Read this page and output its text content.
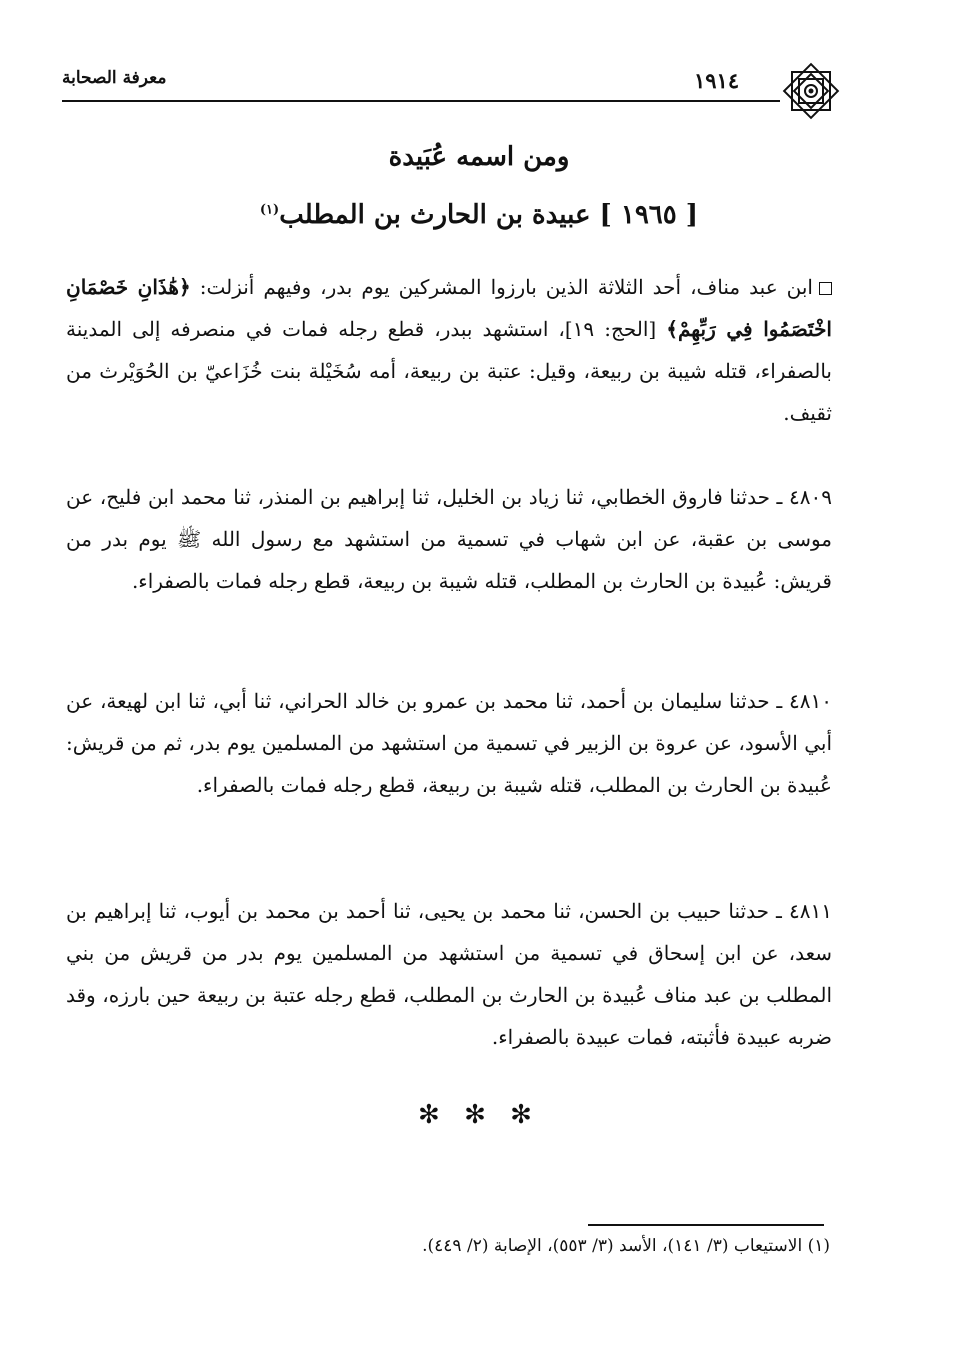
معرفة الصحابة	١٩١٤
ومن اسمه عُبَيدة
[ ١٩٦٥ ] عبيدة بن الحارث بن المطلب$^{(١)}$
ابن عبد مناف، أحد الثلاثة الذين بارزوا المشركين يوم بدر، وفيهم أنزلت: ﴿هَٰذَانِ خَصْمَانِ اخْتَصَمُوا فِي رَبِّهِمْ﴾ [الحج: ١٩]، استشهد ببدر، قطع رجله فمات في منصرفه إلى المدينة بالصفراء، قتله شيبة بن ربيعة، وقيل: عتبة بن ربيعة، أمه سُخَيْلة بنت خُزَاعيّ بن الحُوَيْرث من ثقيف.
٤٨٠٩ ـ حدثنا فاروق الخطابي، ثنا زياد بن الخليل، ثنا إبراهيم بن المنذر، ثنا محمد ابن فليح، عن موسى بن عقبة، عن ابن شهاب في تسمية من استشهد مع رسول الله ﷺ يوم بدر من قريش: عُبيدة بن الحارث بن المطلب، قتله شيبة بن ربيعة، قطع رجله فمات بالصفراء.
٤٨١٠ ـ حدثنا سليمان بن أحمد، ثنا محمد بن عمرو بن خالد الحراني، ثنا أبي، ثنا ابن لهيعة، عن أبي الأسود، عن عروة بن الزبير في تسمية من استشهد من المسلمين يوم بدر، ثم من قريش: عُبيدة بن الحارث بن المطلب، قتله شيبة بن ربيعة، قطع رجله فمات بالصفراء.
٤٨١١ ـ حدثنا حبيب بن الحسن، ثنا محمد بن يحيى، ثنا أحمد بن محمد بن أيوب، ثنا إبراهيم بن سعد، عن ابن إسحاق في تسمية من استشهد من المسلمين يوم بدر من قريش من بني المطلب بن عبد مناف عُبيدة بن الحارث بن المطلب، قطع رجله عتبة بن ربيعة حين بارزه، وقد ضربه عبيدة فأثبته، فمات عبيدة بالصفراء.
✻ ✻ ✻
(١) الاستيعاب (٣/ ١٤١)، الأسد (٣/ ٥٥٣)، الإصابة (٢/ ٤٤٩).
